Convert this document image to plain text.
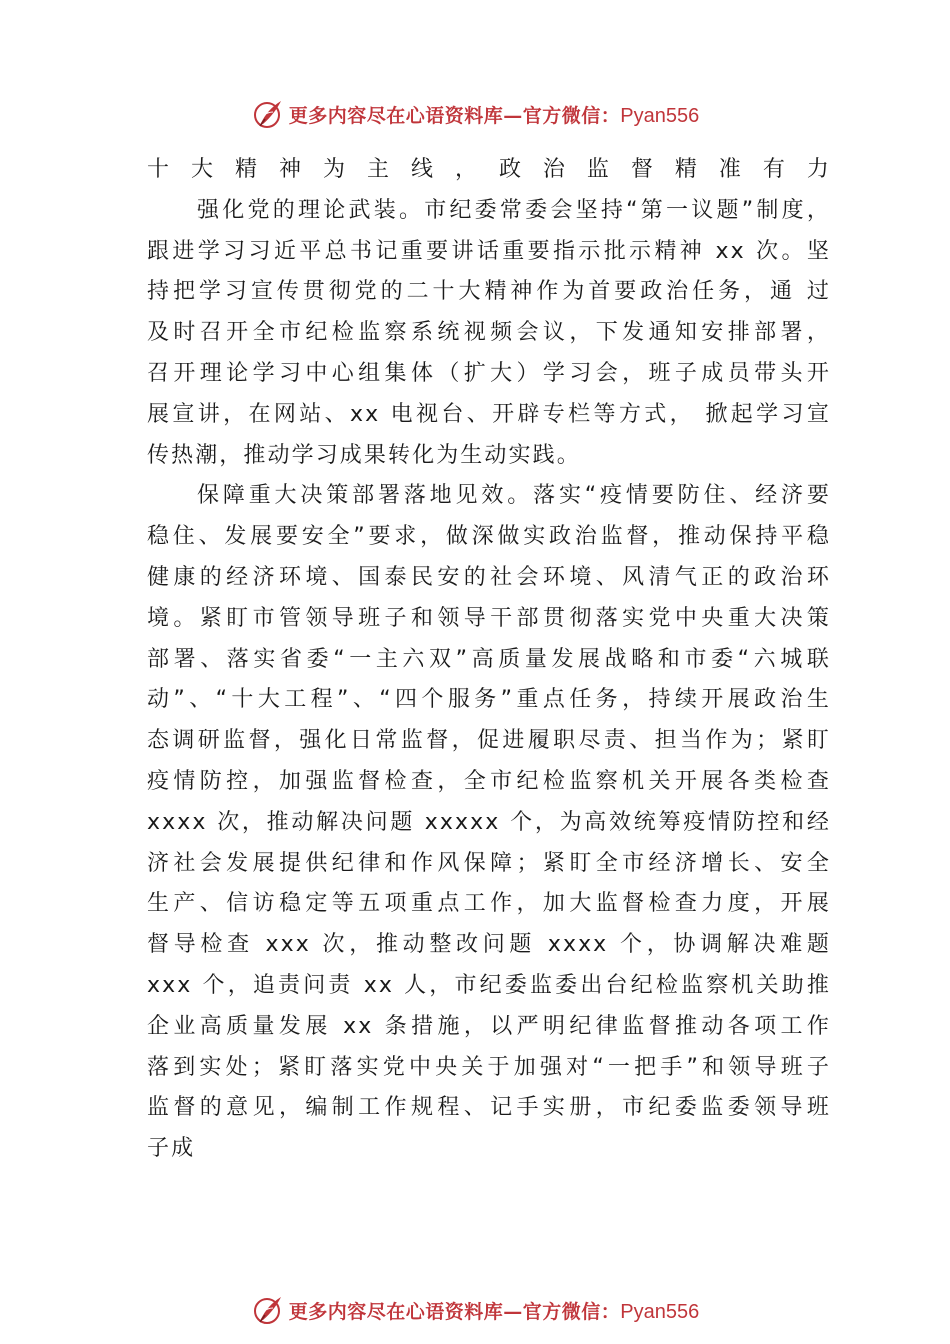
更多内容尽在心语资料库—官方微信：Pyan556
十大精神为主线，政治监督精准有力
强化党的理论武装。市纪委常委会坚持“第一议题”制度，
跟进学习习近平总书记重要讲话重要指示批示精神 xx 次。坚
持把学习宣传贯彻党的二十大精神作为首要政治任务，通 过
及时召开全市纪检监察系统视频会议，下发通知安排部署，
召开理论学习中心组集体（扩大）学习会，班子成员带头开
展宣讲，在网站、xx 电视台、开辟专栏等方式， 掀起学习宣
传热潮，推动学习成果转化为生动实践。
保障重大决策部署落地见效。落实“疫情要防住、经济要
稳住、发展要安全”要求，做深做实政治监督，推动保持平稳
健康的经济环境、国泰民安的社会环境、风清气正的政治环
境。紧盯市管领导班子和领导干部贯彻落实党中央重大决策
部署、落实省委“一主六双”高质量发展战略和市委“六城联
动”、“十大工程”、“四个服务”重点任务，持续开展政治生
态调研监督，强化日常监督，促进履职尽责、担当作为；紧盯
疫情防控，加强监督检查，全市纪检监察机关开展各类检查
xxxx 次，推动解决问题 xxxxx 个，为高效统筹疫情防控和经
济社会发展提供纪律和作风保障；紧盯全市经济增长、安全
生产、信访稳定等五项重点工作，加大监督检查力度，开展
督导检查 xxx 次，推动整改问题 xxxx 个，协调解决难题
xxx 个，追责问责 xx 人，市纪委监委出台纪检监察机关助推
企业高质量发展 xx 条措施，以严明纪律监督推动各项工作
落到实处；紧盯落实党中央关于加强对“一把手”和领导班子
监督的意见，编制工作规程、记手实册，市纪委监委领导班
子成
更多内容尽在心语资料库—官方微信：Pyan556
